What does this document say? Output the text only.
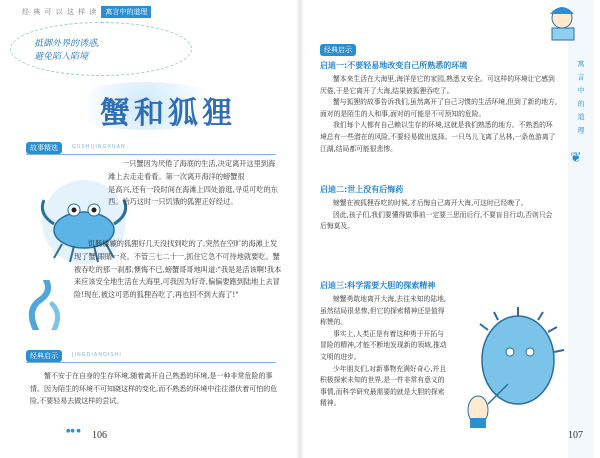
经 典 可 以 这 样 读	寓言中的道理
抵御外界的诱惑,
避免陷入陷境
蟹和狐狸
故事精选	GUSHIJINGXUAN

一只蟹因为厌倦了海底的生活,决定离开这里到海滩上去走走看看。第一次离开海洋的螃蟹很

是高兴,还有一段时间在海滩上四处游逛,寻觅可吃的东西。恰巧这时一只饥饿的狐狸正好经过。

饥肠辘辘的狐狸好几天没找到吃的了,突然在空旷的海滩上发现了蟹,眼睛一亮。不管三七二十一,抓住它急不可待地就要吃。蟹被吞吃的那一刹那,懊悔不已,螃蟹哥哥地叫道:"我是是活该啊!我本来应该安全地生活在大海里,可我因为好奇,偏偏要跑到陆地上去冒险!现在,被这可恶的狐狸吞吃了,再也回不到大海了!"

经典启示	JINGDIANQISHI
蟹不安于在自身的生存环境,随着离开自己熟悉的环境,是一种非常危险的事情。因为陌生的环境不可知晓这样的变化,而不熟悉的环境中往往潜伏着可怕的危险,不要轻易去做这样的尝试。
●● ● 106
寓 言 中 的 道 理
❦
经典启示
启迪一:不要轻易地改变自己所熟悉的环境

蟹本来生活在大海里,海洋是它的家园,熟悉又安全。可这样的环境让它感到厌倦,于是它离开了大海,结果被狐狸吞吃了。

蟹与狐狸的故事告诉我们,虽然离开了自己习惯的生活环境,但到了新的地方,面对的是陌生的人和事,面对的可能是不可预知的危险。

我们每个人都有自己赖以生存的环境,这就是我们熟悉的地方。不熟悉的环境总有一些潜在的风险,不要轻易做出选择。一只鸟儿飞离了丛林,一条鱼游离了江湖,结局都可能很悲惨。

启迪二:世上没有后悔药

螃蟹在被狐狸吞吃的时候,才后悔自己离开大海,可这时已经晚了。

因此,孩子们,我们要懂得做事前一定要三思而后行,不要盲目行动,否则只会后悔莫及。

启迪三:科学需要大胆的探索精神

螃蟹勇敢地离开大海,去往未知的陆地,虽然结局很悲惨,但它的探索精神还是值得称赞的。

事实上,人类正是有着这种勇于开拓与冒险的精神,才能不断地发现新的领域,推动文明的进步。

少年朋友们,对新事物充满好奇心,并且积极探索未知的世界,是一件非常有意义的事情,而科学研究最需要的就是大胆的探索精神。

107
